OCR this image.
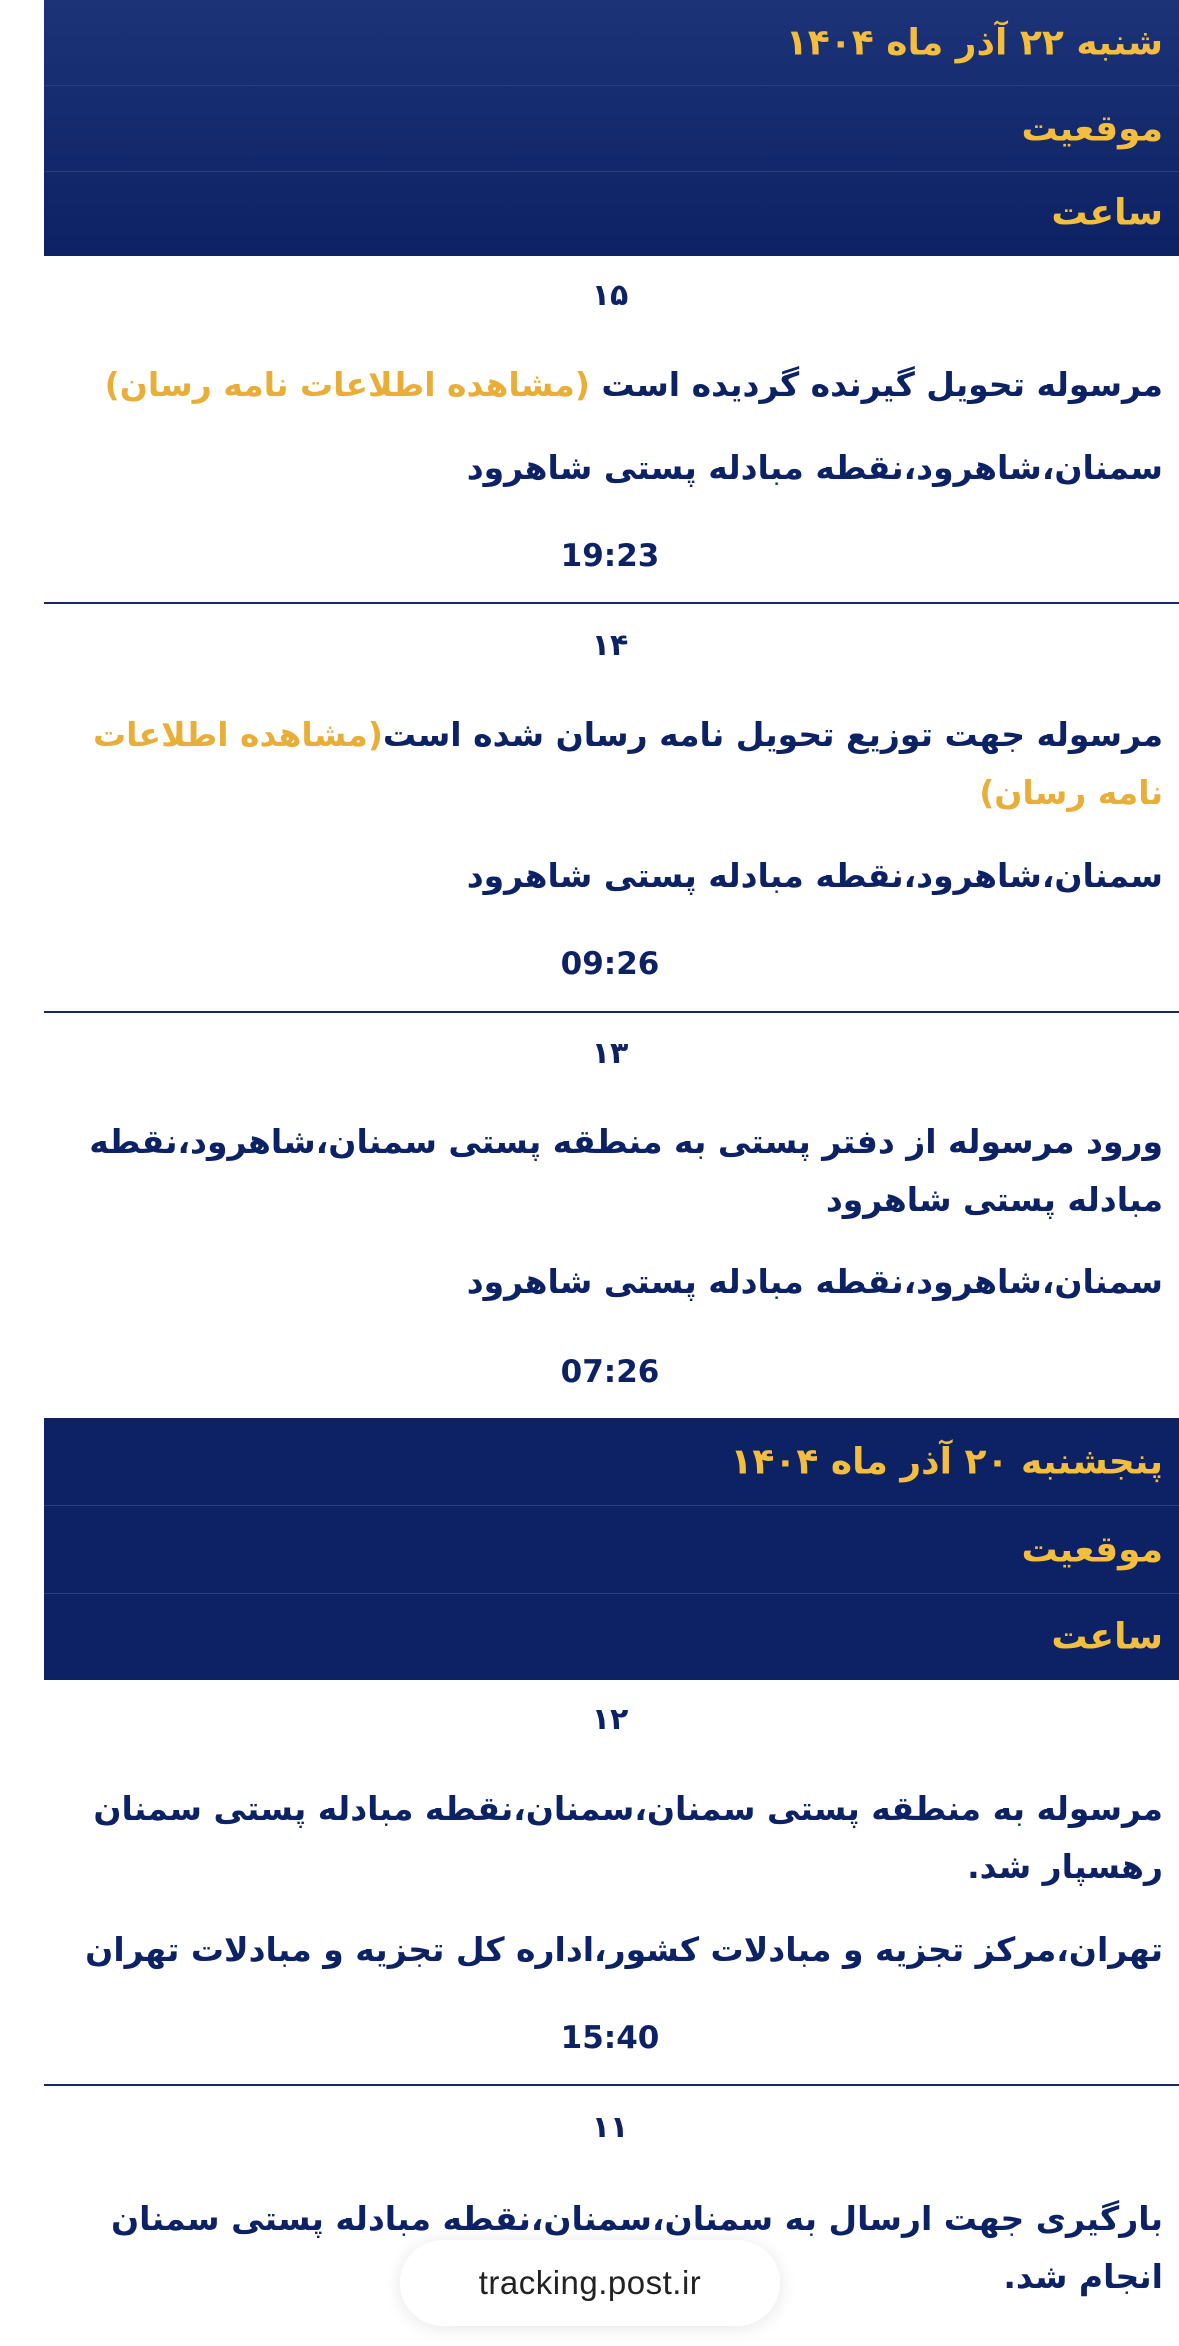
شنبه ۲۲ آذر ماه ۱۴۰۴
موقعیت
ساعت
۱۵
مرسوله تحویل گیرنده گردیده است (مشاهده اطلاعات نامه رسان)
سمنان،شاهرود،نقطه مبادله پستی شاهرود
19:23
۱۴
مرسوله جهت توزیع تحویل نامه رسان شده است(مشاهده اطلاعات نامه رسان)
سمنان،شاهرود،نقطه مبادله پستی شاهرود
09:26
۱۳
ورود مرسوله از دفتر پستی به منطقه پستی سمنان،شاهرود،نقطه مبادله پستی شاهرود
سمنان،شاهرود،نقطه مبادله پستی شاهرود
07:26
پنجشنبه ۲۰ آذر ماه ۱۴۰۴
موقعیت
ساعت
۱۲
مرسوله به منطقه پستی سمنان،سمنان،نقطه مبادله پستی سمنان رهسپار شد.
تهران،مرکز تجزیه و مبادلات کشور،اداره کل تجزیه و مبادلات تهران
15:40
۱۱
بارگیری جهت ارسال به سمنان،سمنان،نقطه مبادله پستی سمنان انجام شد.
tracking.post.ir
